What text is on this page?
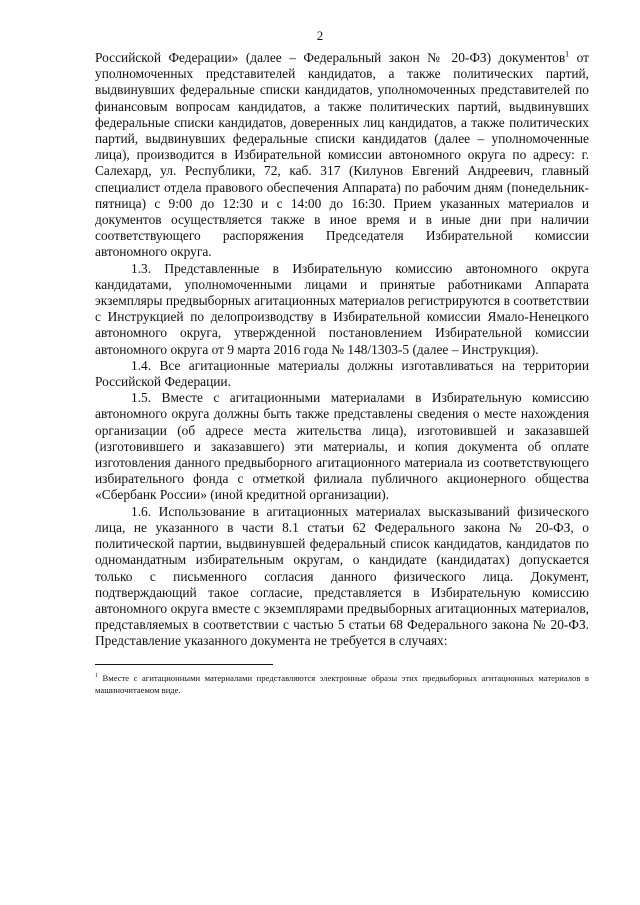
2

Российской Федерации» (далее – Федеральный закон № 20-ФЗ) документов$^1$ от уполномоченных представителей кандидатов, а также политических партий, выдвинувших федеральные списки кандидатов, уполномоченных представителей по финансовым вопросам кандидатов, а также политических партий, выдвинувших федеральные списки кандидатов, доверенных лиц кандидатов, а также политических партий, выдвинувших федеральные списки кандидатов (далее – уполномоченные лица), производится в Избирательной комиссии автономного округа по адресу: г. Салехард, ул. Республики, 72, каб. 317 (Килунов Евгений Андреевич, главный специалист отдела правового обеспечения Аппарата) по рабочим дням (понедельник-пятница) с 9:00 до 12:30 и с 14:00 до 16:30. Прием указанных материалов и документов осуществляется также в иное время и в иные дни при наличии соответствующего распоряжения Председателя Избирательной комиссии автономного округа.

1.3. Представленные в Избирательную комиссию автономного округа кандидатами, уполномоченными лицами и принятые работниками Аппарата экземпляры предвыборных агитационных материалов регистрируются в соответствии с Инструкцией по делопроизводству в Избирательной комиссии Ямало-Ненецкого автономного округа, утвержденной постановлением Избирательной комиссии автономного округа от 9 марта 2016 года № 148/1303-5 (далее – Инструкция).

1.4. Все агитационные материалы должны изготавливаться на территории Российской Федерации.

1.5. Вместе с агитационными материалами в Избирательную комиссию автономного округа должны быть также представлены сведения о месте нахождения организации (об адресе места жительства лица), изготовившей и заказавшей (изготовившего и заказавшего) эти материалы, и копия документа об оплате изготовления данного предвыборного агитационного материала из соответствующего избирательного фонда с отметкой филиала публичного акционерного общества «Сбербанк России» (иной кредитной организации).

1.6. Использование в агитационных материалах высказываний физического лица, не указанного в части 8.1 статьи 62 Федерального закона № 20-ФЗ, о политической партии, выдвинувшей федеральный список кандидатов, кандидатов по одномандатным избирательным округам, о кандидате (кандидатах) допускается только с письменного согласия данного физического лица. Документ, подтверждающий такое согласие, представляется в Избирательную комиссию автономного округа вместе с экземплярами предвыборных агитационных материалов, представляемых в соответствии с частью 5 статьи 68 Федерального закона № 20-ФЗ. Представление указанного документа не требуется в случаях:

$^1$ Вместе с агитационными материалами представляются электронные образы этих предвыборных агитационных материалов в машиночитаемом виде.
